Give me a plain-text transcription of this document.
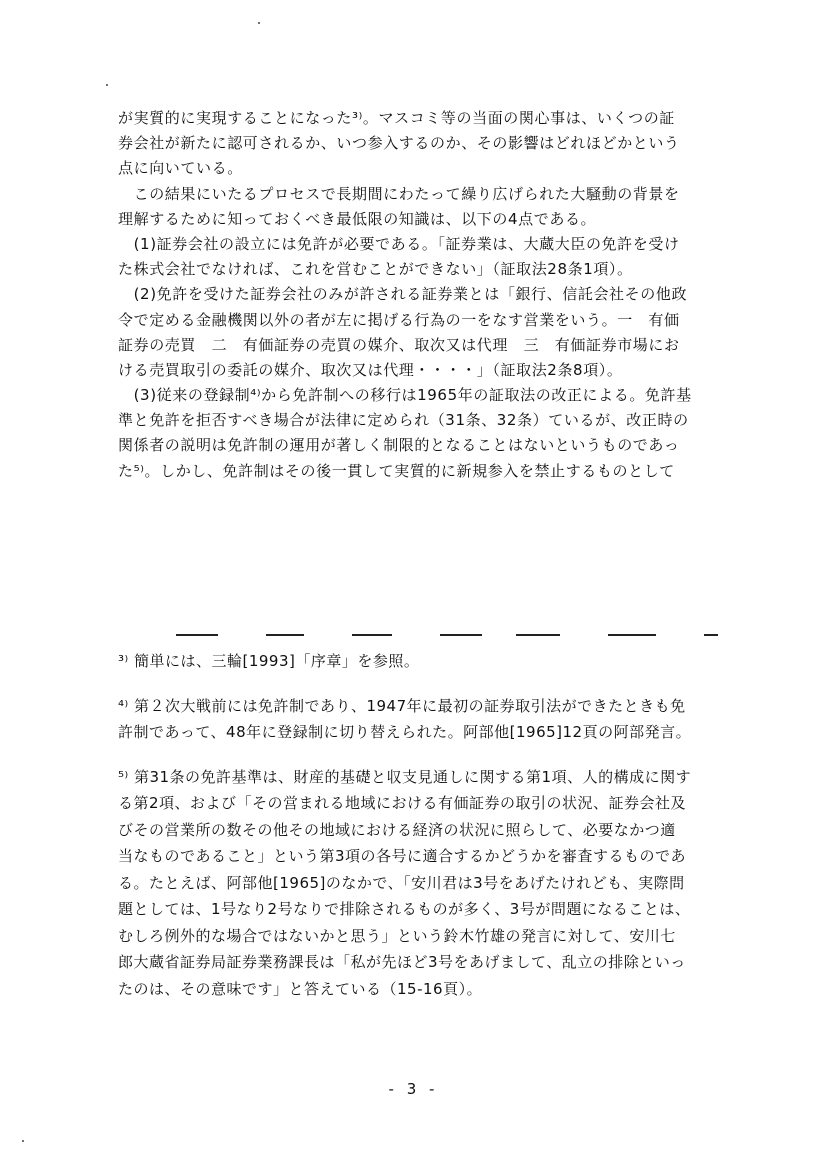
が実質的に実現することになった³⁾。マスコミ等の当面の関心事は、いくつの証
券会社が新たに認可されるか、いつ参入するのか、その影響はどれほどかという
点に向いている。
　この結果にいたるプロセスで長期間にわたって繰り広げられた大騒動の背景を
理解するために知っておくべき最低限の知識は、以下の4点である。
　(1)証券会社の設立には免許が必要である。「証券業は、大蔵大臣の免許を受け
た株式会社でなければ、これを営むことができない」（証取法28条1項）。
　(2)免許を受けた証券会社のみが許される証券業とは「銀行、信託会社その他政
令で定める金融機関以外の者が左に掲げる行為の一をなす営業をいう。一　有価
証券の売買　二　有価証券の売買の媒介、取次又は代理　三　有価証券市場にお
ける売買取引の委託の媒介、取次又は代理・・・・」（証取法2条8項）。
　(3)従来の登録制⁴⁾から免許制への移行は1965年の証取法の改正による。免許基
準と免許を拒否すべき場合が法律に定められ（31条、32条）ているが、改正時の
関係者の説明は免許制の運用が著しく制限的となることはないというものであっ
た⁵⁾。しかし、免許制はその後一貫して実質的に新規参入を禁止するものとして
³⁾ 簡単には、三輪[1993]「序章」を参照。
⁴⁾ 第２次大戦前には免許制であり、1947年に最初の証券取引法ができたときも免
許制であって、48年に登録制に切り替えられた。阿部他[1965]12頁の阿部発言。
⁵⁾ 第31条の免許基準は、財産的基礎と収支見通しに関する第1項、人的構成に関す
る第2項、および「その営まれる地域における有価証券の取引の状況、証券会社及
びその営業所の数その他その地域における経済の状況に照らして、必要なかつ適
当なものであること」という第3項の各号に適合するかどうかを審査するものであ
る。たとえば、阿部他[1965]のなかで、「安川君は3号をあげたけれども、実際問
題としては、1号なり2号なりで排除されるものが多く、3号が問題になることは、
むしろ例外的な場合ではないかと思う」という鈴木竹雄の発言に対して、安川七
郎大蔵省証券局証券業務課長は「私が先ほど3号をあげまして、乱立の排除といっ
たのは、その意味です」と答えている（15-16頁）。
- 3 -
